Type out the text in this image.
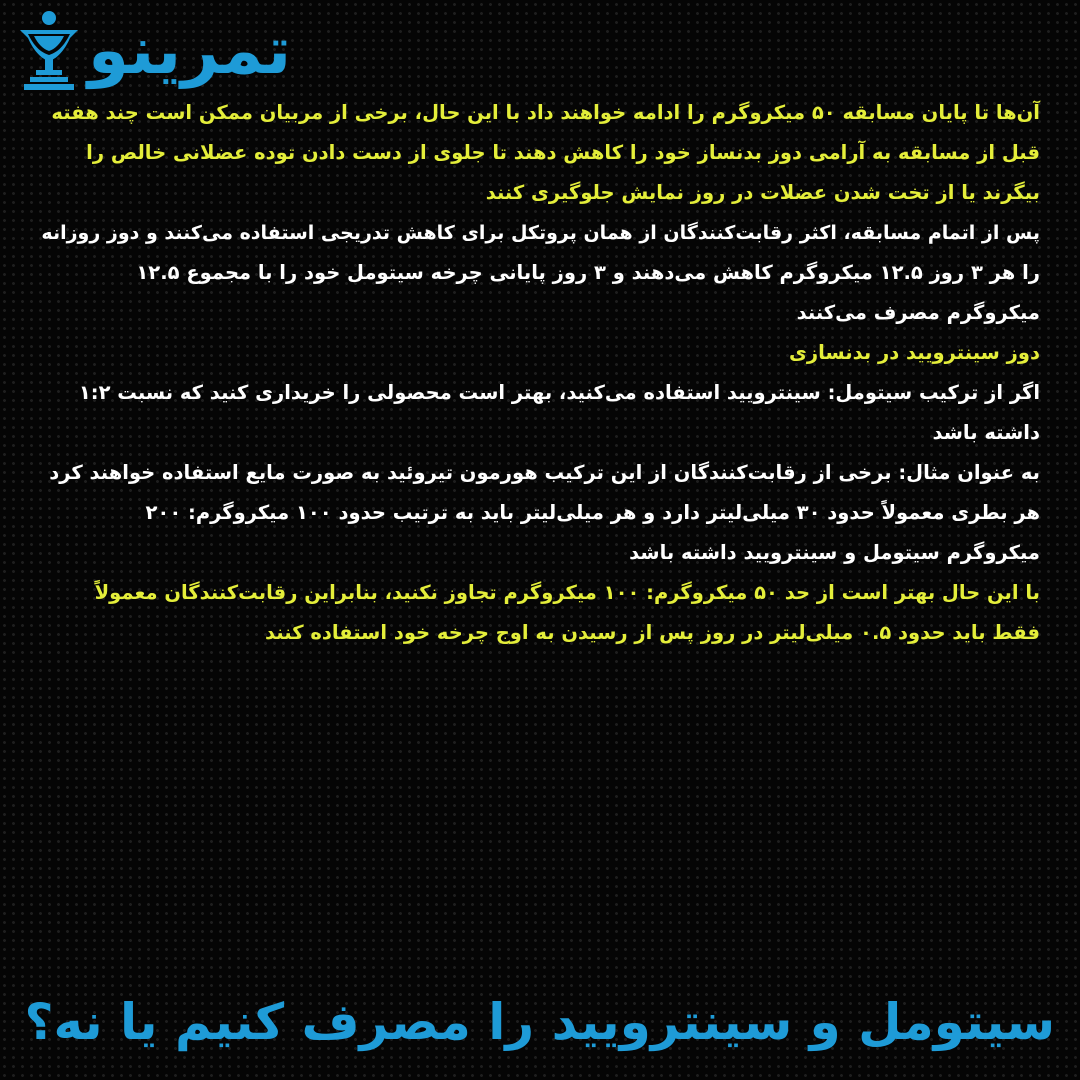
تمرینو
آن‌ها تا پایان مسابقه ۵۰ میکروگرم را ادامه خواهند داد با این حال، برخی از مربیان ممکن است چند هفته
قبل از مسابقه به آرامی دوز بدنساز خود را کاهش دهند تا جلوی از دست دادن توده عضلانی خالص را
بیگرند یا از تخت شدن عضلات در روز نمایش جلوگیری کنند
پس از اتمام مسابقه، اکثر رقابت‌کنندگان از همان پروتکل برای کاهش تدریجی استفاده می‌کنند و دوز روزانه
را هر ۳ روز ۱۲.۵ میکروگرم کاهش می‌دهند و ۳ روز پایانی چرخه سیتومل خود را با مجموع ۱۲.۵
میکروگرم مصرف می‌کنند
دوز سینترویید در بدنسازی
اگر از ترکیب سیتومل: سینترویید استفاده می‌کنید، بهتر است محصولی را خریداری کنید که نسبت ۱:۲
داشته باشد
به عنوان مثال: برخی از رقابت‌کنندگان از این ترکیب هورمون تیروئید به صورت مایع استفاده خواهند کرد
هر بطری معمولاً حدود ۳۰ میلی‌لیتر دارد و هر میلی‌لیتر باید به ترتیب حدود ۱۰۰ میکروگرم: ۲۰۰
میکروگرم سیتومل و سینترویید داشته باشد
با این حال بهتر است از حد ۵۰ میکروگرم: ۱۰۰ میکروگرم تجاوز نکنید، بنابراین رقابت‌کنندگان معمولاً
فقط باید حدود ۰.۵ میلی‌لیتر در روز پس از رسیدن به اوج چرخه خود استفاده کنند
سیتومل و سینترویید را مصرف کنیم یا نه؟
